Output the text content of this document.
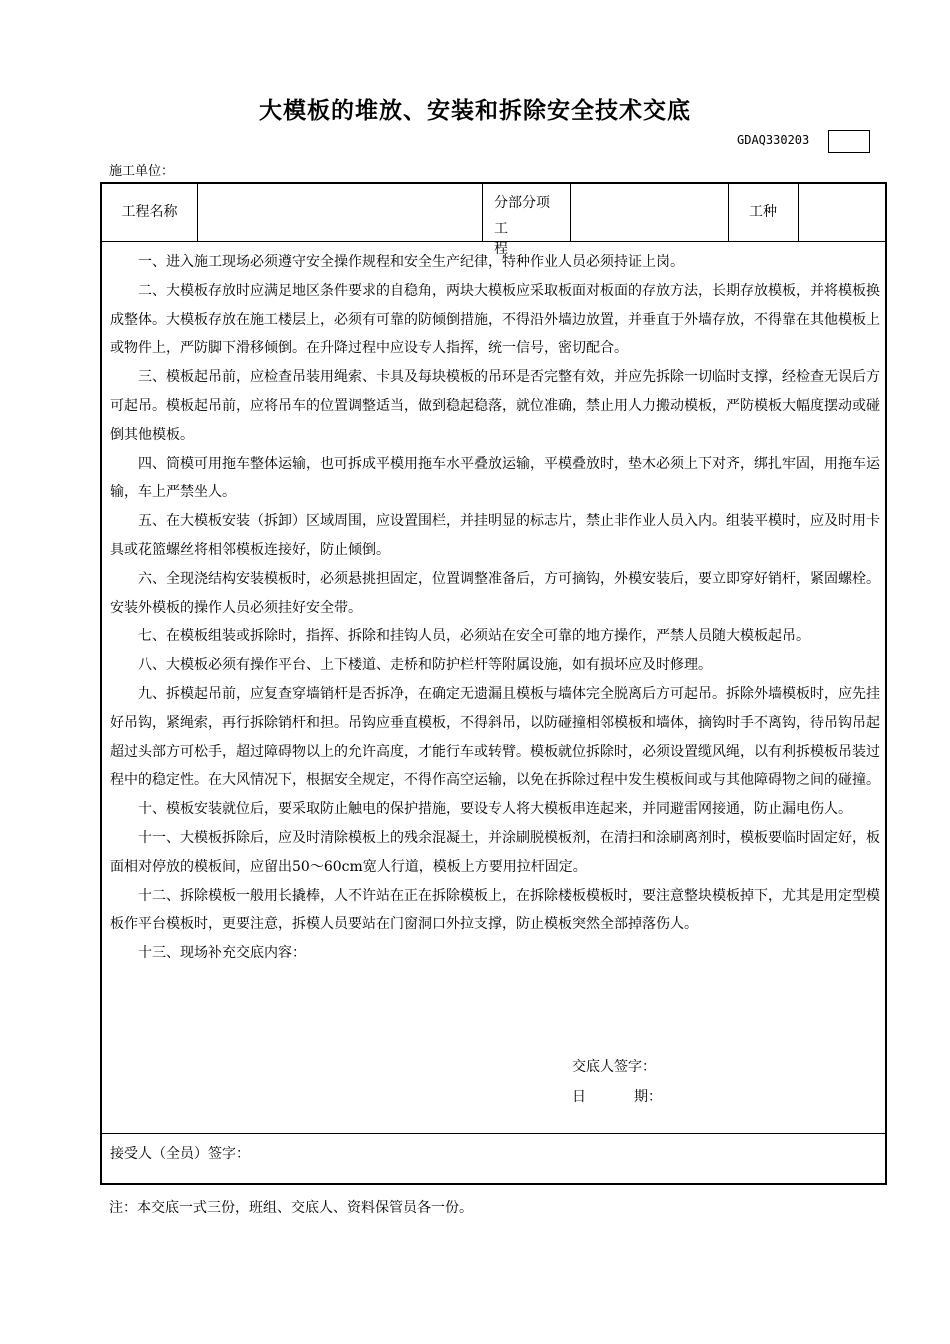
大模板的堆放、安装和拆除安全技术交底
GDAQ330203
施工单位：
工程名称
分部分项
工程
工种

一、进入施工现场必须遵守安全操作规程和安全生产纪律，特种作业人员必须持证上岗。

二、大模板存放时应满足地区条件要求的自稳角，两块大模板应采取板面对板面的存放方法，长期存放模板，并将模板换成整体。大模板存放在施工楼层上，必须有可靠的防倾倒措施，不得沿外墙边放置，并垂直于外墙存放，不得靠在其他模板上或物件上，严防脚下滑移倾倒。在升降过程中应设专人指挥，统一信号，密切配合。

三、模板起吊前，应检查吊装用绳索、卡具及每块模板的吊环是否完整有效，并应先拆除一切临时支撑，经检查无误后方可起吊。模板起吊前，应将吊车的位置调整适当，做到稳起稳落，就位准确，禁止用人力搬动模板，严防模板大幅度摆动或碰倒其他模板。

四、筒模可用拖车整体运输，也可拆成平模用拖车水平叠放运输，平模叠放时，垫木必须上下对齐，绑扎牢固，用拖车运输，车上严禁坐人。

五、在大模板安装（拆卸）区域周围，应设置围栏，并挂明显的标志片，禁止非作业人员入内。组装平模时，应及时用卡具或花篮螺丝将相邻模板连接好，防止倾倒。

六、全现浇结构安装模板时，必须悬挑担固定，位置调整准备后，方可摘钩，外模安装后，要立即穿好销杆，紧固螺栓。安装外模板的操作人员必须挂好安全带。

七、在模板组装或拆除时，指挥、拆除和挂钩人员，必须站在安全可靠的地方操作，严禁人员随大模板起吊。

八、大模板必须有操作平台、上下楼道、走桥和防护栏杆等附属设施，如有损坏应及时修理。

九、拆模起吊前，应复查穿墙销杆是否拆净，在确定无遗漏且模板与墙体完全脱离后方可起吊。拆除外墙模板时，应先挂好吊钩，紧绳索，再行拆除销杆和担。吊钩应垂直模板，不得斜吊，以防碰撞相邻模板和墙体，摘钩时手不离钩，待吊钩吊起超过头部方可松手，超过障碍物以上的允许高度，才能行车或转臂。模板就位拆除时，必须设置缆风绳，以有利拆模板吊装过程中的稳定性。在大风情况下，根据安全规定，不得作高空运输，以免在拆除过程中发生模板间或与其他障碍物之间的碰撞。

十、模板安装就位后，要采取防止触电的保护措施，要设专人将大模板串连起来，并同避雷网接通，防止漏电伤人。

十一、大模板拆除后，应及时清除模板上的残余混凝土，并涂刷脱模板剂，在清扫和涂刷离剂时，模板要临时固定好，板面相对停放的模板间，应留出50～60cm宽人行道，模板上方要用拉杆固定。

十二、拆除模板一般用长撬棒，人不许站在正在拆除模板上，在拆除楼板模板时，要注意整块模板掉下，尤其是用定型模板作平台模板时，更要注意，拆模人员要站在门窗洞口外拉支撑，防止模板突然全部掉落伤人。

十三、现场补充交底内容：

交底人签字：
日	期：
接受人（全员）签字：
注：本交底一式三份，班组、交底人、资料保管员各一份。
